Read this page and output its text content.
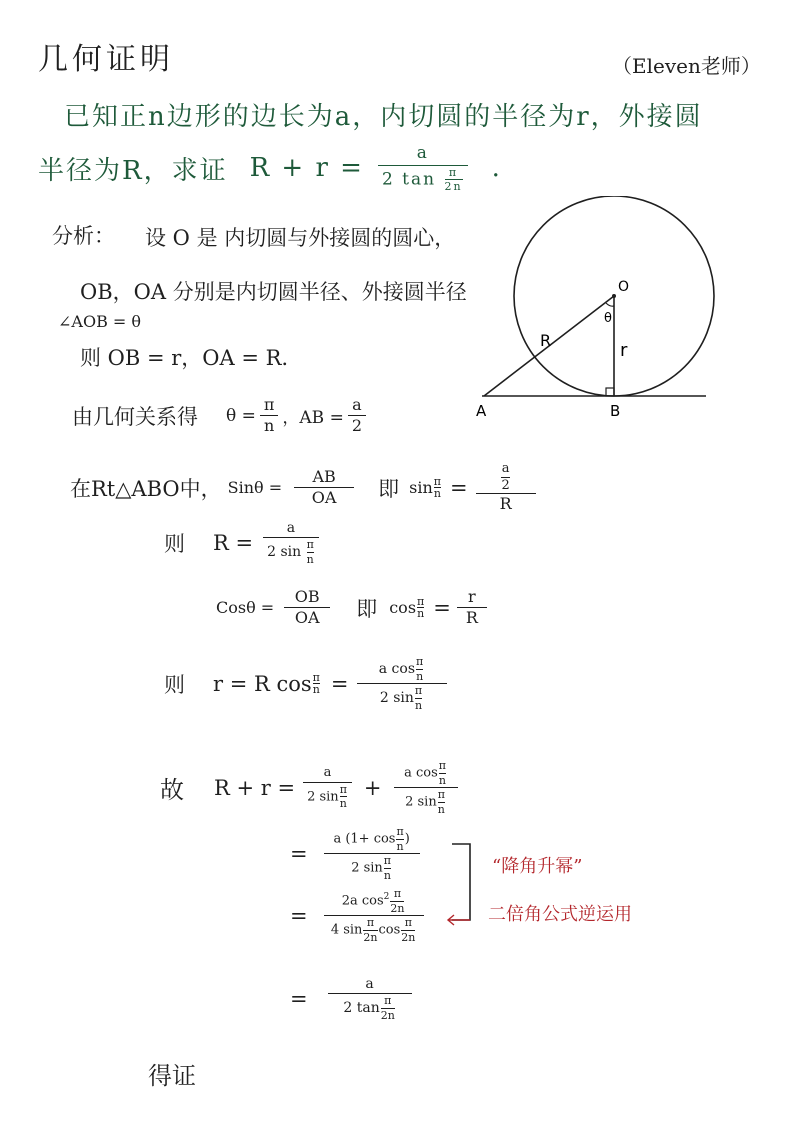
几何证明	（Eleven老师）
已知正n边形的边长为a，内切圆的半径为r，外接圆
半径为R，求证 $R + r = \frac{a}{2 \tan \frac{\pi}{2n}}$ .
分析： 设 O 是 内切圆与外接圆的圆心，
OB，OA 分别是内切圆半径、外接圆半径
∠AOB = θ
则 OB = r，OA = R．
由几何关系得 $\theta = \frac{\pi}{n}$ ，AB = $\frac{a}{2}$
在Rt△ABO中， $Sin\theta = \frac{AB}{OA}$ 即 sin π
$n = \frac{\frac{a}{2}}{R}$
则 $R = \frac{a}{2 \sin \frac{\pi}{n}}$
$Cos\theta = \frac{OB}{OA}$ 即 cos π
$n = \frac{r}{R}$
则 r = R cos π
$n = \frac{a \cos \frac{\pi}{n}}{2 \sin \frac{\pi}{n}}$
故 $R + r = \frac{a}{2 \sin \frac{\pi}{n}} + \frac{a \cos \frac{\pi}{n}}{2 \sin \frac{\pi}{n}}$
= $\frac{a (1+ \cos \frac{\pi}{n} )}{2 \sin \frac{\pi}{n}}$
= $\frac{2a \cos^2 \frac{\pi}{2n}}{4 \sin \frac{\pi}{2n} \cos \frac{\pi}{2n}}$
= $\frac{a}{2 \tan \frac{\pi}{2n}}$
得证
“降角升幂”
二倍角公式逆运用
O
θ
R	r
A	B
